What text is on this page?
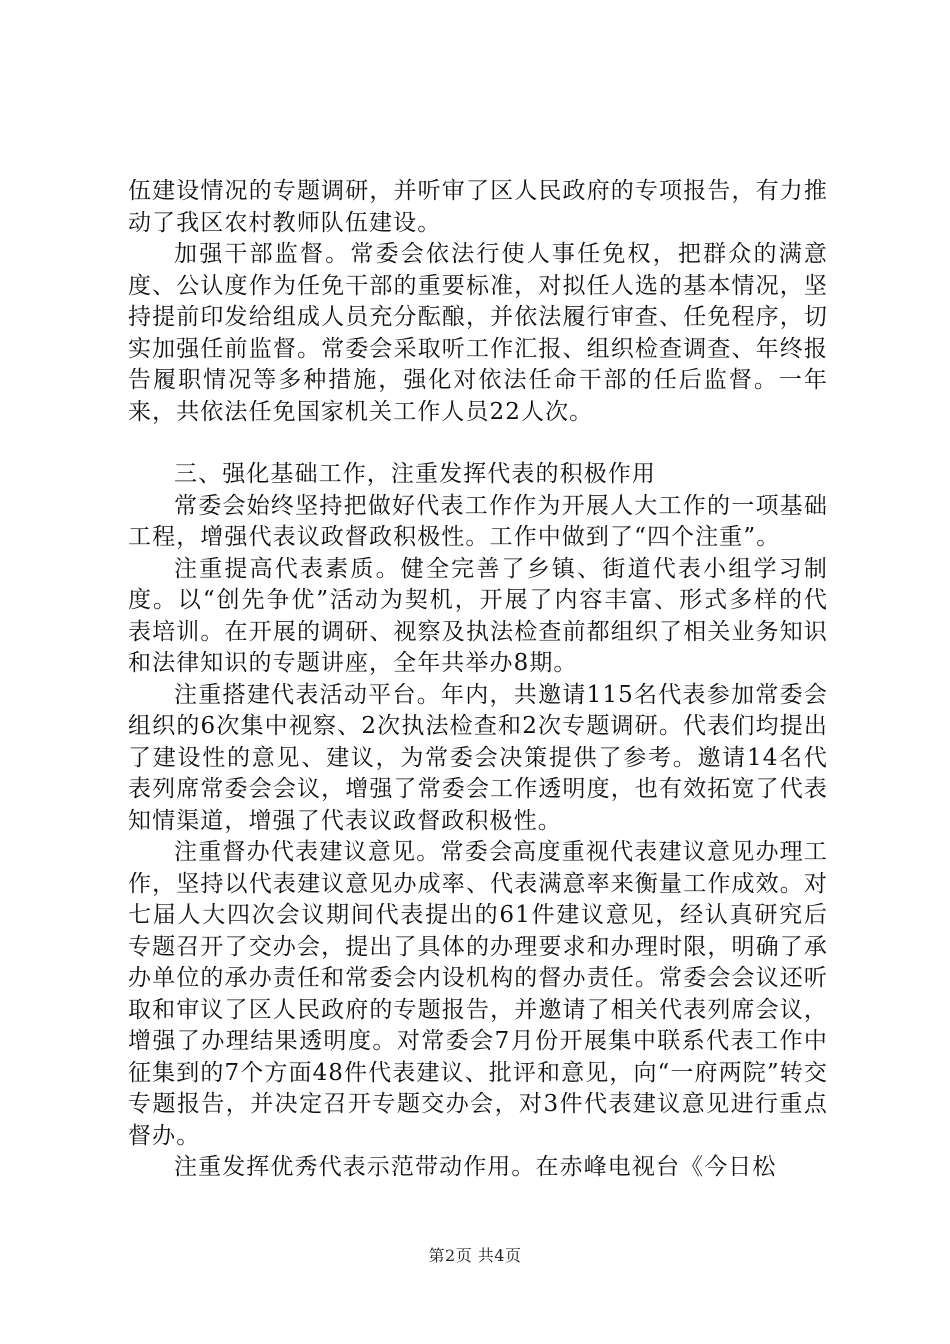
伍建设情况的专题调研，并听审了区人民政府的专项报告，有力推动了我区农村教师队伍建设。

加强干部监督。常委会依法行使人事任免权，把群众的满意度、公认度作为任免干部的重要标准，对拟任人选的基本情况，坚持提前印发给组成人员充分酝酿，并依法履行审查、任免程序，切实加强任前监督。常委会采取听工作汇报、组织检查调查、年终报告履职情况等多种措施，强化对依法任命干部的任后监督。一年来，共依法任免国家机关工作人员22人次。

三、强化基础工作，注重发挥代表的积极作用

常委会始终坚持把做好代表工作作为开展人大工作的一项基础工程，增强代表议政督政积极性。工作中做到了“四个注重”。

注重提高代表素质。健全完善了乡镇、街道代表小组学习制度。以“创先争优”活动为契机，开展了内容丰富、形式多样的代表培训。在开展的调研、视察及执法检查前都组织了相关业务知识和法律知识的专题讲座，全年共举办8期。

注重搭建代表活动平台。年内，共邀请115名代表参加常委会组织的6次集中视察、2次执法检查和2次专题调研。代表们均提出了建设性的意见、建议，为常委会决策提供了参考。邀请14名代表列席常委会会议，增强了常委会工作透明度，也有效拓宽了代表知情渠道，增强了代表议政督政积极性。

注重督办代表建议意见。常委会高度重视代表建议意见办理工作，坚持以代表建议意见办成率、代表满意率来衡量工作成效。对七届人大四次会议期间代表提出的61件建议意见，经认真研究后专题召开了交办会，提出了具体的办理要求和办理时限，明确了承办单位的承办责任和常委会内设机构的督办责任。常委会会议还听取和审议了区人民政府的专题报告，并邀请了相关代表列席会议，增强了办理结果透明度。对常委会7月份开展集中联系代表工作中征集到的7个方面48件代表建议、批评和意见，向“一府两院”转交专题报告，并决定召开专题交办会，对3件代表建议意见进行重点督办。

注重发挥优秀代表示范带动作用。在赤峰电视台《今日松

第2页 共4页
